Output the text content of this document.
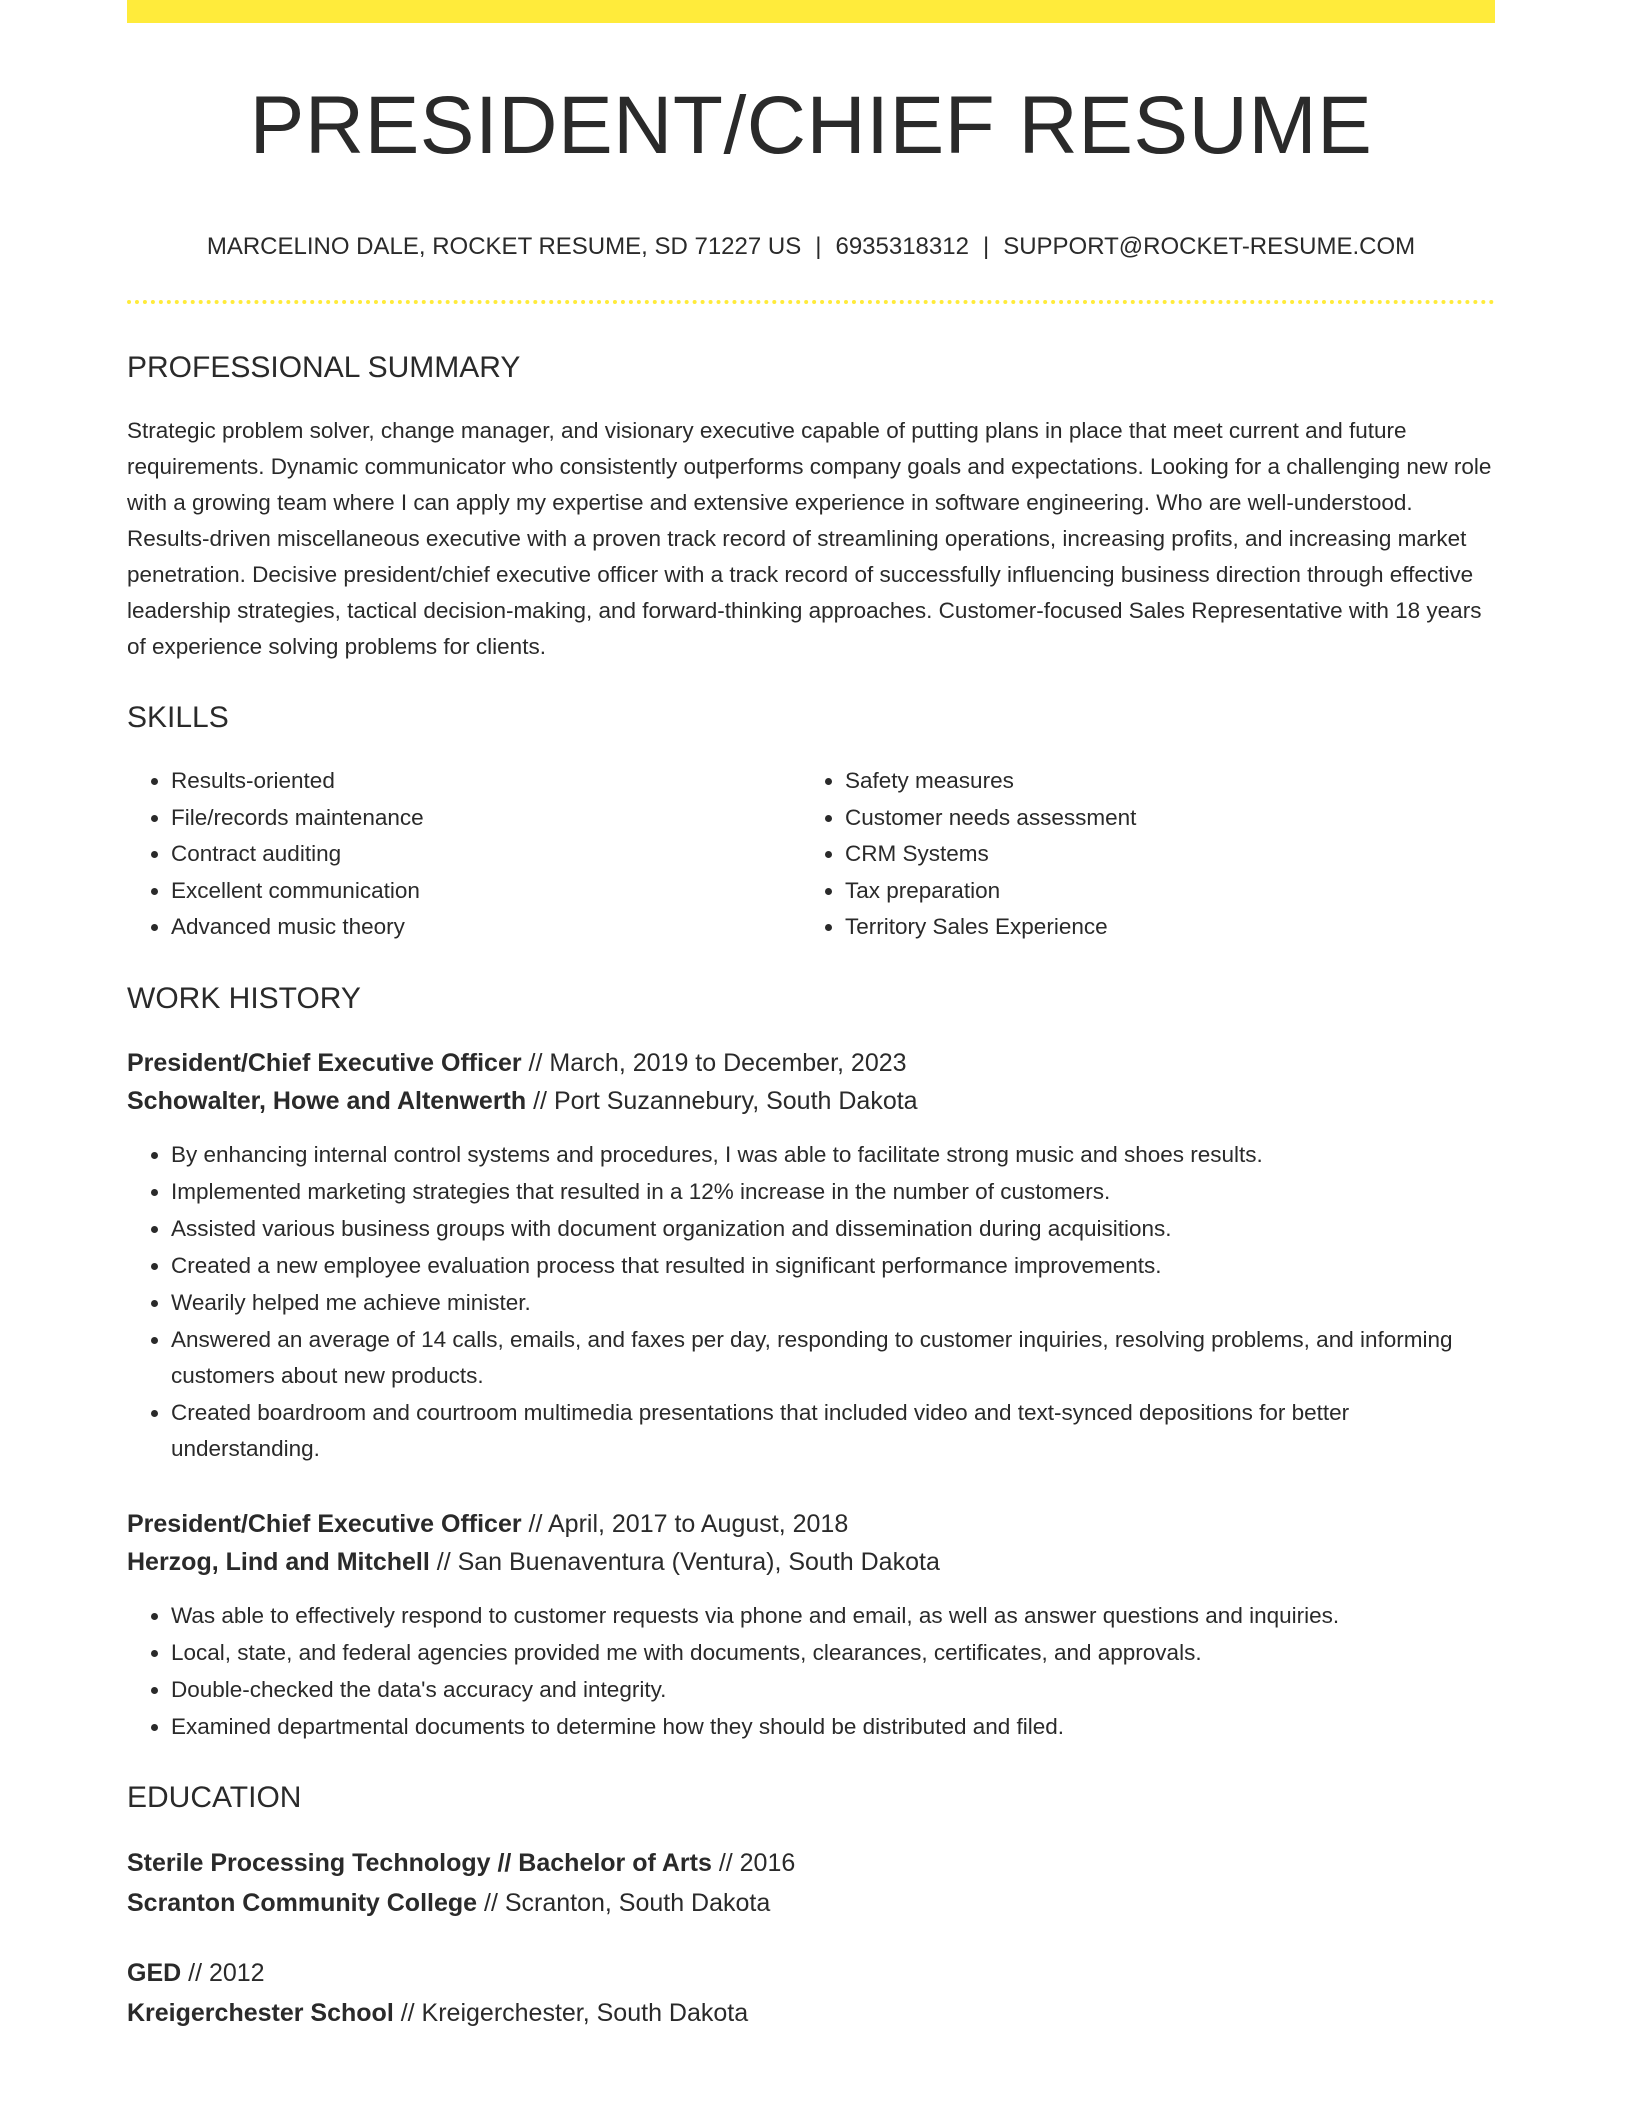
PRESIDENT/CHIEF RESUME
MARCELINO DALE, ROCKET RESUME, SD 71227 US | 6935318312 | SUPPORT@ROCKET-RESUME.COM
PROFESSIONAL SUMMARY

Strategic problem solver, change manager, and visionary executive capable of putting plans in place that meet current and future requirements. Dynamic communicator who consistently outperforms company goals and expectations. Looking for a challenging new role with a growing team where I can apply my expertise and extensive experience in software engineering. Who are well-understood. Results-driven miscellaneous executive with a proven track record of streamlining operations, increasing profits, and increasing market penetration. Decisive president/chief executive officer with a track record of successfully influencing business direction through effective leadership strategies, tactical decision-making, and forward-thinking approaches. Customer-focused Sales Representative with 18 years of experience solving problems for clients.

SKILLS
• Results-oriented
• File/records maintenance
• Contract auditing
• Excellent communication
• Advanced music theory
• Safety measures
• Customer needs assessment
• CRM Systems
• Tax preparation
• Territory Sales Experience
WORK HISTORY
President/Chief Executive Officer // March, 2019 to December, 2023
Schowalter, Howe and Altenwerth // Port Suzannebury, South Dakota
• By enhancing internal control systems and procedures, I was able to facilitate strong music and shoes results.
• Implemented marketing strategies that resulted in a 12% increase in the number of customers.
• Assisted various business groups with document organization and dissemination during acquisitions.
• Created a new employee evaluation process that resulted in significant performance improvements.
• Wearily helped me achieve minister.
• Answered an average of 14 calls, emails, and faxes per day, responding to customer inquiries, resolving problems, and informing customers about new products.
• Created boardroom and courtroom multimedia presentations that included video and text-synced depositions for better understanding.
President/Chief Executive Officer // April, 2017 to August, 2018
Herzog, Lind and Mitchell // San Buenaventura (Ventura), South Dakota
• Was able to effectively respond to customer requests via phone and email, as well as answer questions and inquiries.
• Local, state, and federal agencies provided me with documents, clearances, certificates, and approvals.
• Double-checked the data's accuracy and integrity.
• Examined departmental documents to determine how they should be distributed and filed.
EDUCATION
Sterile Processing Technology // Bachelor of Arts // 2016
Scranton Community College // Scranton, South Dakota
GED // 2012
Kreigerchester School // Kreigerchester, South Dakota
